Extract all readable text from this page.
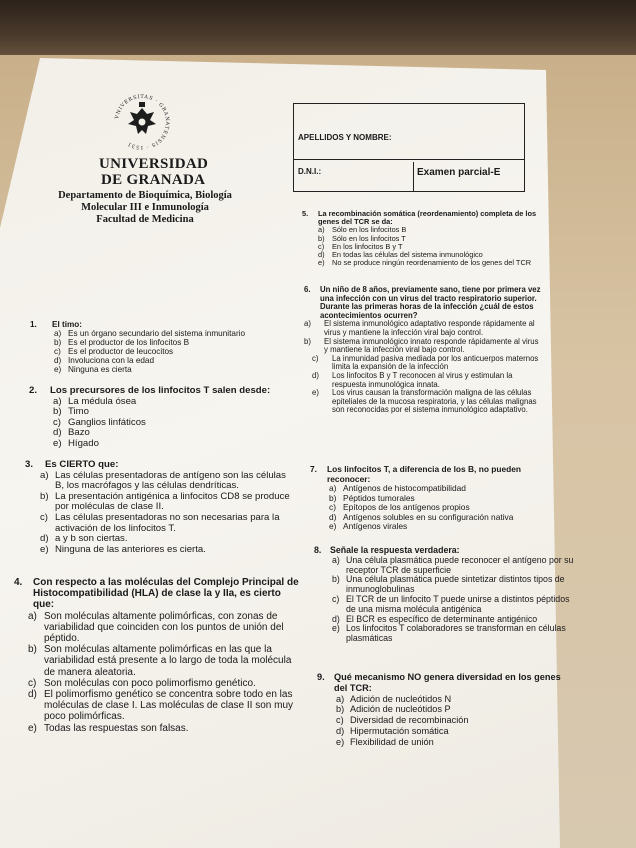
VNIVERSITAS · GRANATENSIS · 1531
UNIVERSIDAD
DE GRANADA
Departamento de Bioquímica, Biología
Molecular III e Inmunología
Facultad de Medicina
APELLIDOS Y NOMBRE:
D.N.I.:	Examen parcial-E
1. El timo:
a) Es un órgano secundario del sistema inmunitario
b) Es el productor de los linfocitos B
c) Es el productor de leucocitos
d) Involuciona con la edad
e) Ninguna es cierta
2. Los precursores de los linfocitos T salen desde:
a) La médula ósea
b) Timo
c) Ganglios linfáticos
d) Bazo
e) Hígado
3. Es CIERTO que:
a) Las células presentadoras de antígeno son las células B, los macrófagos y las células dendríticas.
b) La presentación antigénica a linfocitos CD8 se produce por moléculas de clase II.
c) Las células presentadoras no son necesarias para la activación de los linfocitos T.
d) a y b son ciertas.
e) Ninguna de las anteriores es cierta.
4. Con respecto a las moléculas del Complejo Principal de Histocompatibilidad (HLA) de clase la y IIa, es cierto que:
a) Son moléculas altamente polimórficas, con zonas de variabilidad que coinciden con los puntos de unión del péptido.
b) Son moléculas altamente polimórficas en las que la variabilidad está presente a lo largo de toda la molécula de manera aleatoria.
c) Son moléculas con poco polimorfismo genético.
d) El polimorfismo genético se concentra sobre todo en las moléculas de clase I. Las moléculas de clase II son muy poco polimórficas.
e) Todas las respuestas son falsas.
5. La recombinación somática (reordenamiento) completa de los genes del TCR se da:
a) Sólo en los linfocitos B
b) Sólo en los linfocitos T
c) En los linfocitos B y T
d) En todas las células del sistema inmunológico
e) No se produce ningún reordenamiento de los genes del TCR
6. Un niño de 8 años, previamente sano, tiene por primera vez una infección con un virus del tracto respiratorio superior. Durante las primeras horas de la infección ¿cuál de estos acontecimientos ocurren?
a) El sistema inmunológico adaptativo responde rápidamente al virus y mantiene la infección viral bajo control.
b) El sistema inmunológico innato responde rápidamente al virus y mantiene la infección viral bajo control.
c) La inmunidad pasiva mediada por los anticuerpos maternos limita la expansión de la infección
d) Los linfocitos B y T reconocen al virus y estimulan la respuesta inmunológica innata.
e) Los virus causan la transformación maligna de las células epiteliales de la mucosa respiratoria, y las células malignas son reconocidas por el sistema inmunológico adaptativo.
7. Los linfocitos T, a diferencia de los B, no pueden reconocer:
a) Antígenos de histocompatibilidad
b) Péptidos tumorales
c) Epítopos de los antígenos propios
d) Antígenos solubles en su configuración nativa
e) Antígenos virales
8. Señale la respuesta verdadera:
a) Una célula plasmática puede reconocer el antígeno por su receptor TCR de superficie
b) Una célula plasmática puede sintetizar distintos tipos de inmunoglobulinas
c) El TCR de un linfocito T puede unirse a distintos péptidos de una misma molécula antigénica
d) El BCR es específico de determinante antigénico
e) Los linfocitos T colaboradores se transforman en células plasmáticas
9. Qué mecanismo NO genera diversidad en los genes del TCR:
a) Adición de nucleótidos N
b) Adición de nucleótidos P
c) Diversidad de recombinación
d) Hipermutación somática
e) Flexibilidad de unión
